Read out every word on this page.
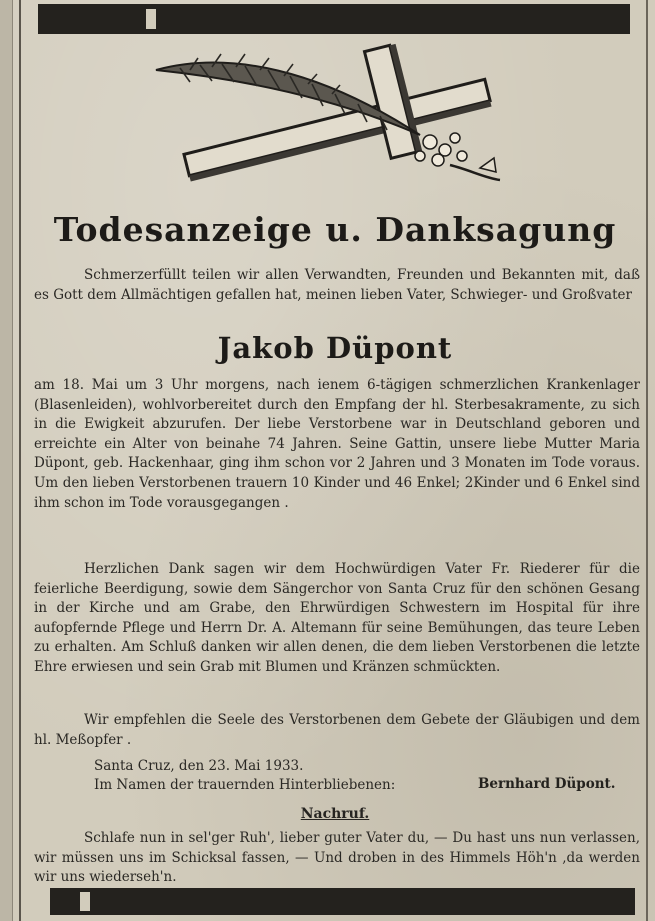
Todesanzeige u. Danksagung

Schmerzerfüllt teilen wir allen Verwandten, Freunden und Bekannten mit, daß es Gott dem Allmächtigen gefallen hat, meinen lieben Vater, Schwieger- und Großvater

Jakob Düpont

am 18. Mai um 3 Uhr morgens, nach ienem 6-tägigen schmerzlichen Krankenlager (Blasenleiden), wohlvorbereitet durch den Empfang der hl. Sterbesakramente, zu sich in die Ewigkeit abzurufen. Der liebe Verstorbene war in Deutschland geboren und erreichte ein Alter von beinahe 74 Jahren. Seine Gattin, unsere liebe Mutter Maria Düpont, geb. Hackenhaar, ging ihm schon vor 2 Jahren und 3 Monaten im Tode voraus. Um den lieben Verstorbenen trauern 10 Kinder und 46 Enkel; 2Kinder und 6 Enkel sind ihm schon im Tode vorausgegangen .

Herzlichen Dank sagen wir dem Hochwürdigen Vater Fr. Riederer für die feierliche Beerdigung, sowie dem Sängerchor von Santa Cruz für den schönen Gesang in der Kirche und am Grabe, den Ehrwürdigen Schwestern im Hospital für ihre aufopfernde Pflege und Herrn Dr. A. Altemann für seine Bemühungen, das teure Leben zu erhalten. Am Schluß danken wir allen denen, die dem lieben Verstorbenen die letzte Ehre erwiesen und sein Grab mit Blumen und Kränzen schmückten.

Wir empfehlen die Seele des Verstorbenen dem Gebete der Gläubigen und dem hl. Meßopfer .

Santa Cruz, den 23. Mai 1933.

Im Namen der trauernden Hinterbliebenen:	Bernhard Düpont.

Nachruf.

Schlafe nun in sel'ger Ruh', lieber guter Vater du, — Du hast uns nun verlassen, wir müssen uns im Schicksal fassen, — Und droben in des Himmels Höh'n ,da werden wir uns wiederseh'n.
